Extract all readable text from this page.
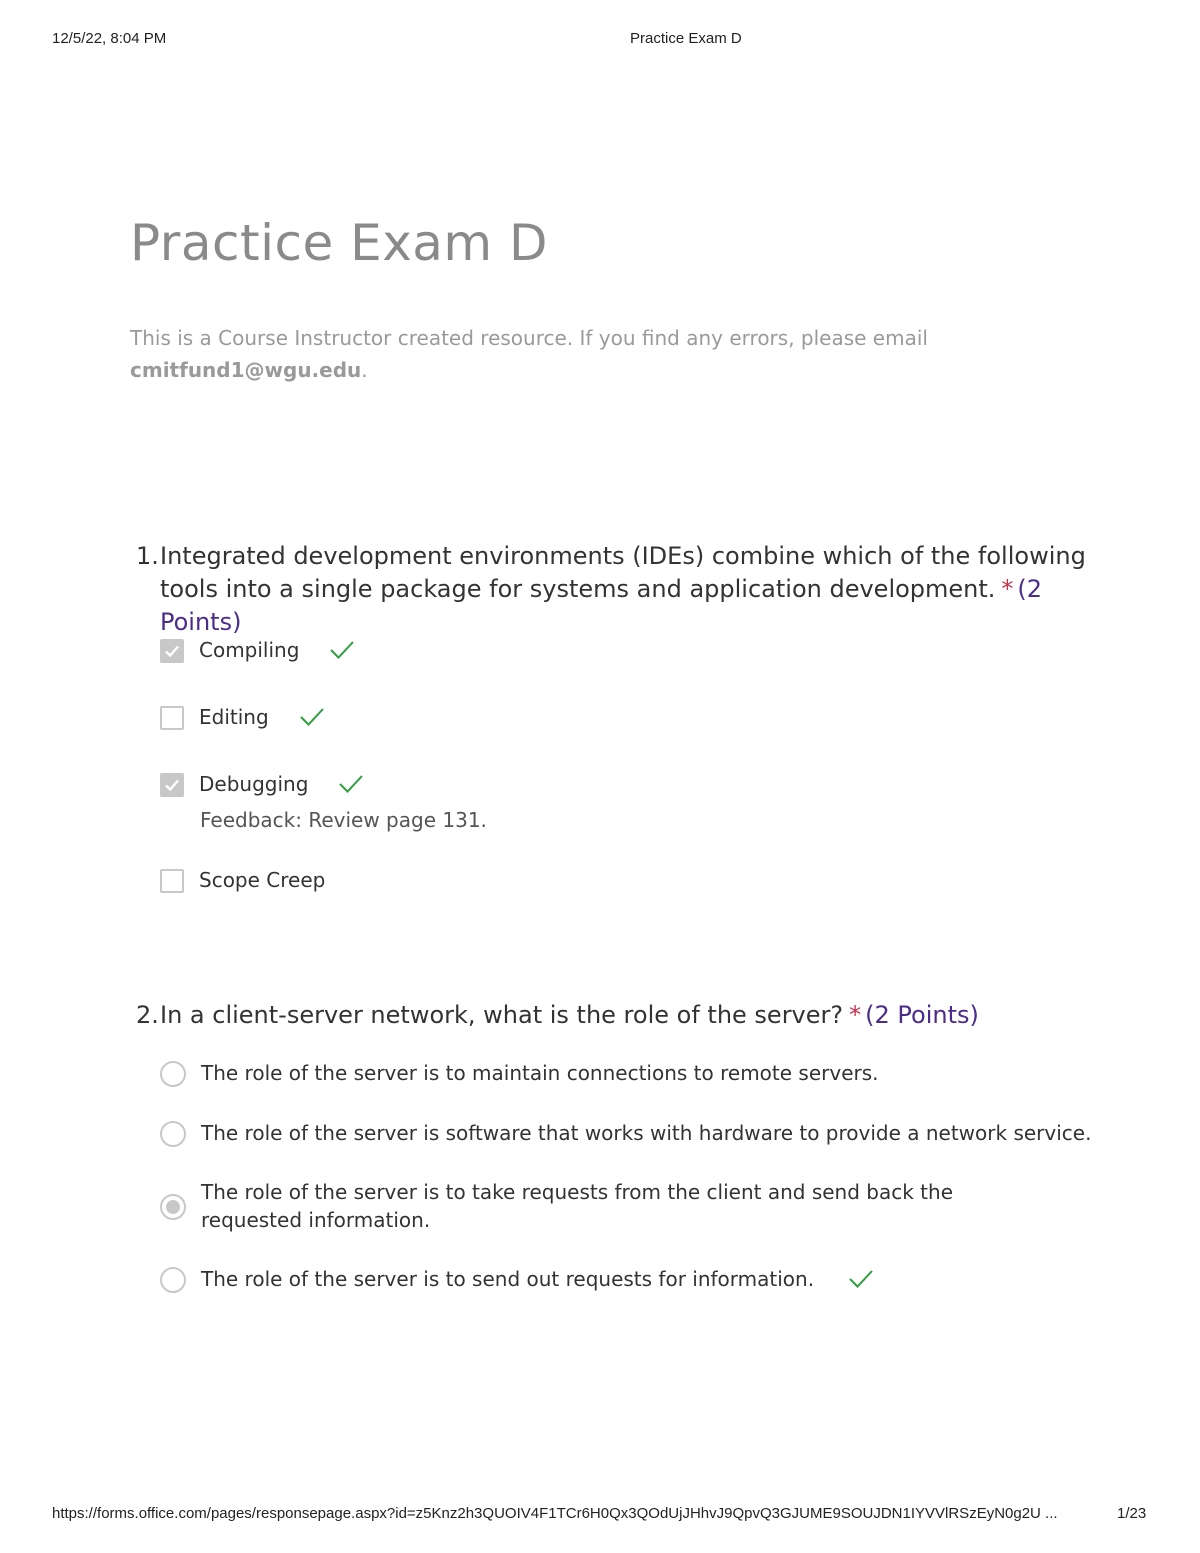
12/5/22, 8:04 PM	Practice Exam D
Practice Exam D
This is a Course Instructor created resource. If you find any errors, please email
cmitfund1@wgu.edu.
1. Integrated development environments (IDEs) combine which of the following tools into a single package for systems and application development. * (2 Points)
Compiling
Editing
Debugging
Feedback: Review page 131.
Scope Creep
2. In a client-server network, what is the role of the server? * (2 Points)
The role of the server is to maintain connections to remote servers.
The role of the server is software that works with hardware to provide a network service.
The role of the server is to take requests from the client and send back the requested information.
The role of the server is to send out requests for information.
https://forms.office.com/pages/responsepage.aspx?id=z5Knz2h3QUOIV4F1TCr6H0Qx3QOdUjJHhvJ9QpvQ3GJUME9SOUJDN1IYVVlRSzEyN0g2U ...	1/23
